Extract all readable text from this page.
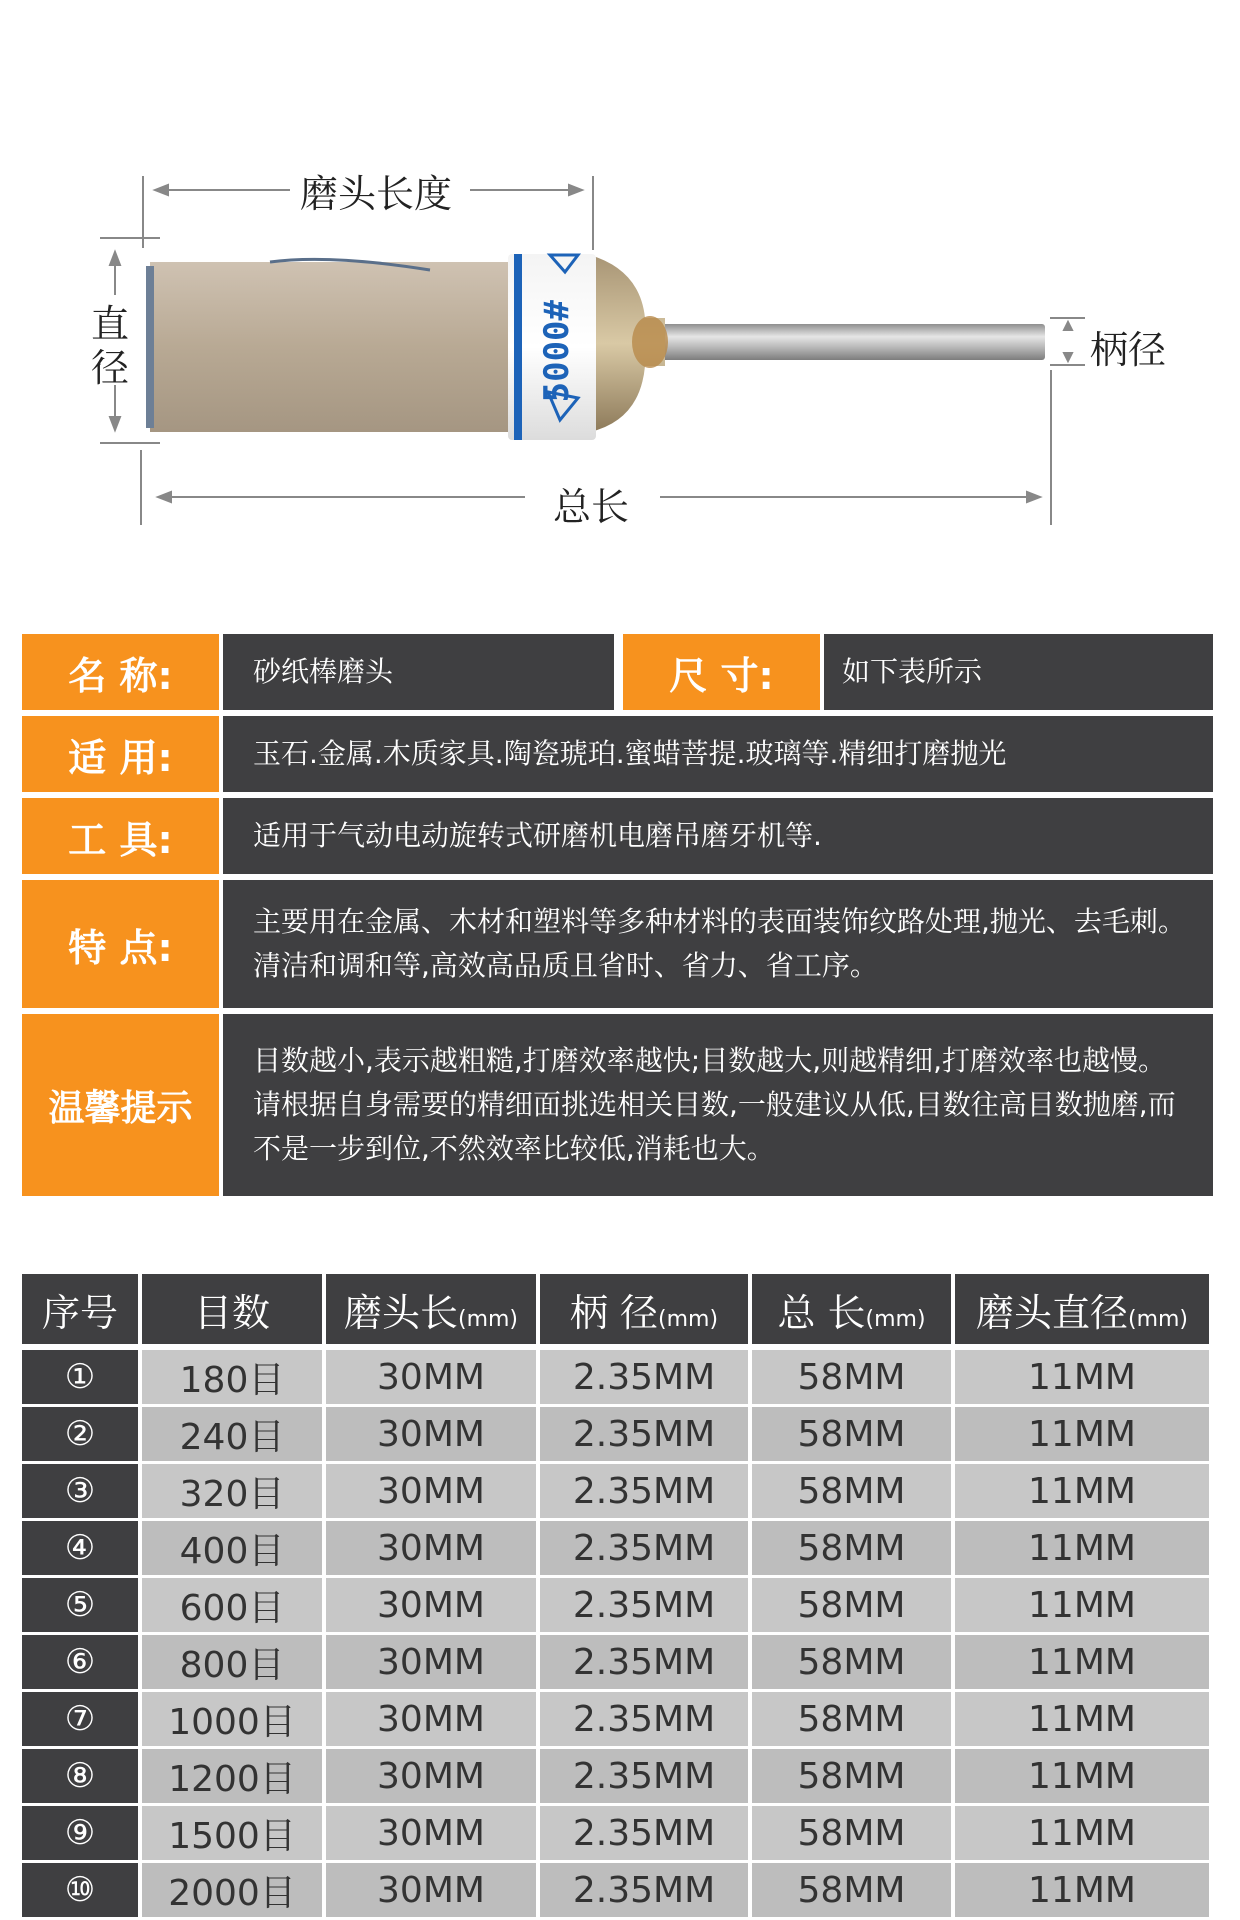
5000#
磨头长度
直径	柄径
总长
名 称:	砂纸棒磨头	尺 寸:	如下表所示
适 用:	玉石.金属.木质家具.陶瓷琥珀.蜜蜡菩提.玻璃等.精细打磨抛光
工 具:	适用于气动电动旋转式研磨机电磨吊磨牙机等.
特 点:
主要用在金属、木材和塑料等多种材料的表面装饰纹路处理,抛光、去毛刺。清洁和调和等,高效高品质且省时、省力、省工序。
温馨提示
目数越小,表示越粗糙,打磨效率越快;目数越大,则越精细,打磨效率也越慢。请根据自身需要的精细面挑选相关目数,一般建议从低,目数往高目数抛磨,而不是一步到位,不然效率比较低,消耗也大。
序号	目数	磨头长(mm)	柄 径(mm)	总 长(mm)	磨头直径(mm)
①	180目	30MM	2.35MM	58MM	11MM
②	240目	30MM	2.35MM	58MM	11MM
③	320目	30MM	2.35MM	58MM	11MM
④	400目	30MM	2.35MM	58MM	11MM
⑤	600目	30MM	2.35MM	58MM	11MM
⑥	800目	30MM	2.35MM	58MM	11MM
⑦	1000目	30MM	2.35MM	58MM	11MM
⑧	1200目	30MM	2.35MM	58MM	11MM
⑨	1500目	30MM	2.35MM	58MM	11MM
⑩	2000目	30MM	2.35MM	58MM	11MM
